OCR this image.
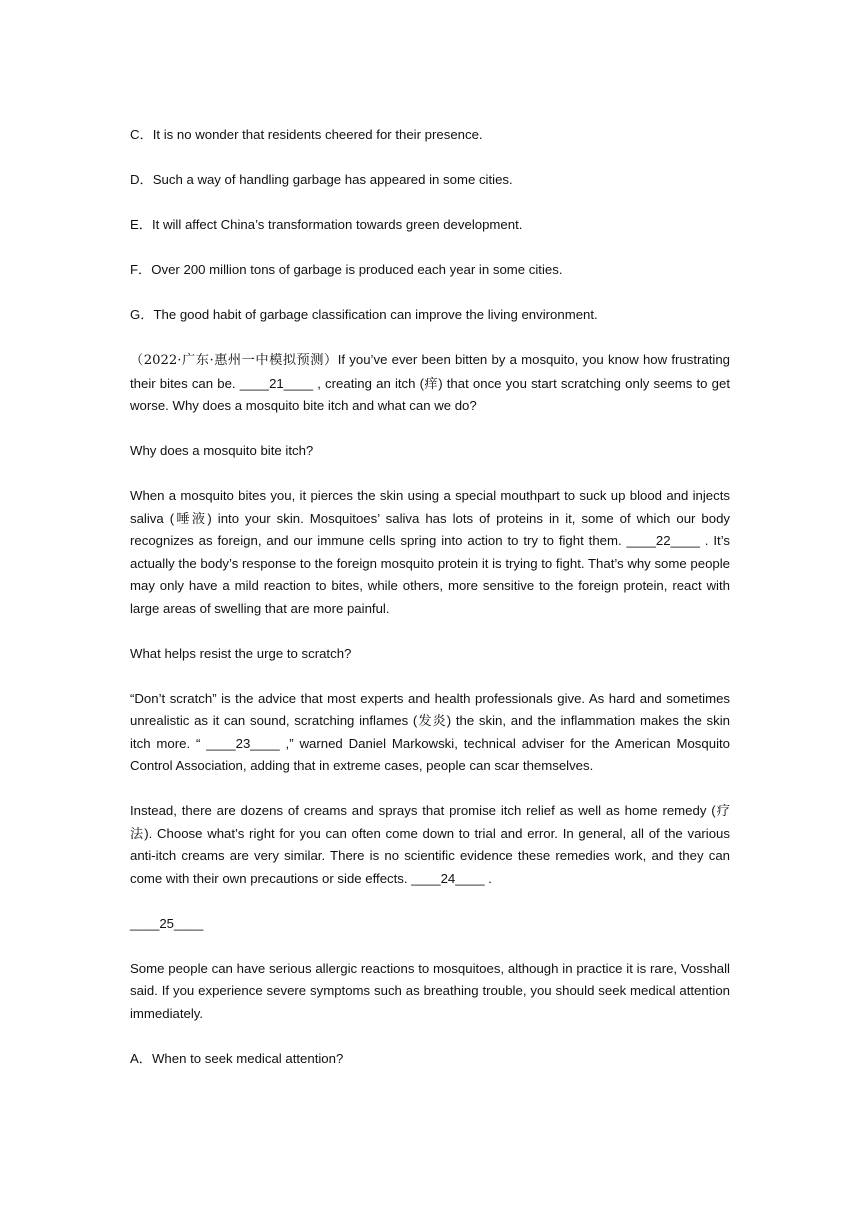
C．It is no wonder that residents cheered for their presence.

D．Such a way of handling garbage has appeared in some cities.

E．It will affect China’s transformation towards green development.

F．Over 200 million tons of garbage is produced each year in some cities.

G．The good habit of garbage classification can improve the living environment.

（2022·广东·惠州一中模拟预测）If you’ve ever been bitten by a mosquito, you know how frustrating their bites can be. ____21____ , creating an itch (痒) that once you start scratching only seems to get worse. Why does a mosquito bite itch and what can we do?

Why does a mosquito bite itch?

When a mosquito bites you, it pierces the skin using a special mouthpart to suck up blood and injects saliva (唾液) into your skin. Mosquitoes’ saliva has lots of proteins in it, some of which our body recognizes as foreign, and our immune cells spring into action to try to fight them. ____22____ . It’s actually the body’s response to the foreign mosquito protein it is trying to fight. That’s why some people may only have a mild reaction to bites, while others, more sensitive to the foreign protein, react with large areas of swelling that are more painful.

What helps resist the urge to scratch?

“Don’t scratch” is the advice that most experts and health professionals give. As hard and sometimes unrealistic as it can sound, scratching inflames (发炎) the skin, and the inflammation makes the skin itch more. “ ____23____ ,” warned Daniel Markowski, technical adviser for the American Mosquito Control Association, adding that in extreme cases, people can scar themselves.

Instead, there are dozens of creams and sprays that promise itch relief as well as home remedy (疗法). Choose what’s right for you can often come down to trial and error. In general, all of the various anti-itch creams are very similar. There is no scientific evidence these remedies work, and they can come with their own precautions or side effects. ____24____ .

____25____

Some people can have serious allergic reactions to mosquitoes, although in practice it is rare, Vosshall said. If you experience severe symptoms such as breathing trouble, you should seek medical attention immediately.

A．When to seek medical attention?
